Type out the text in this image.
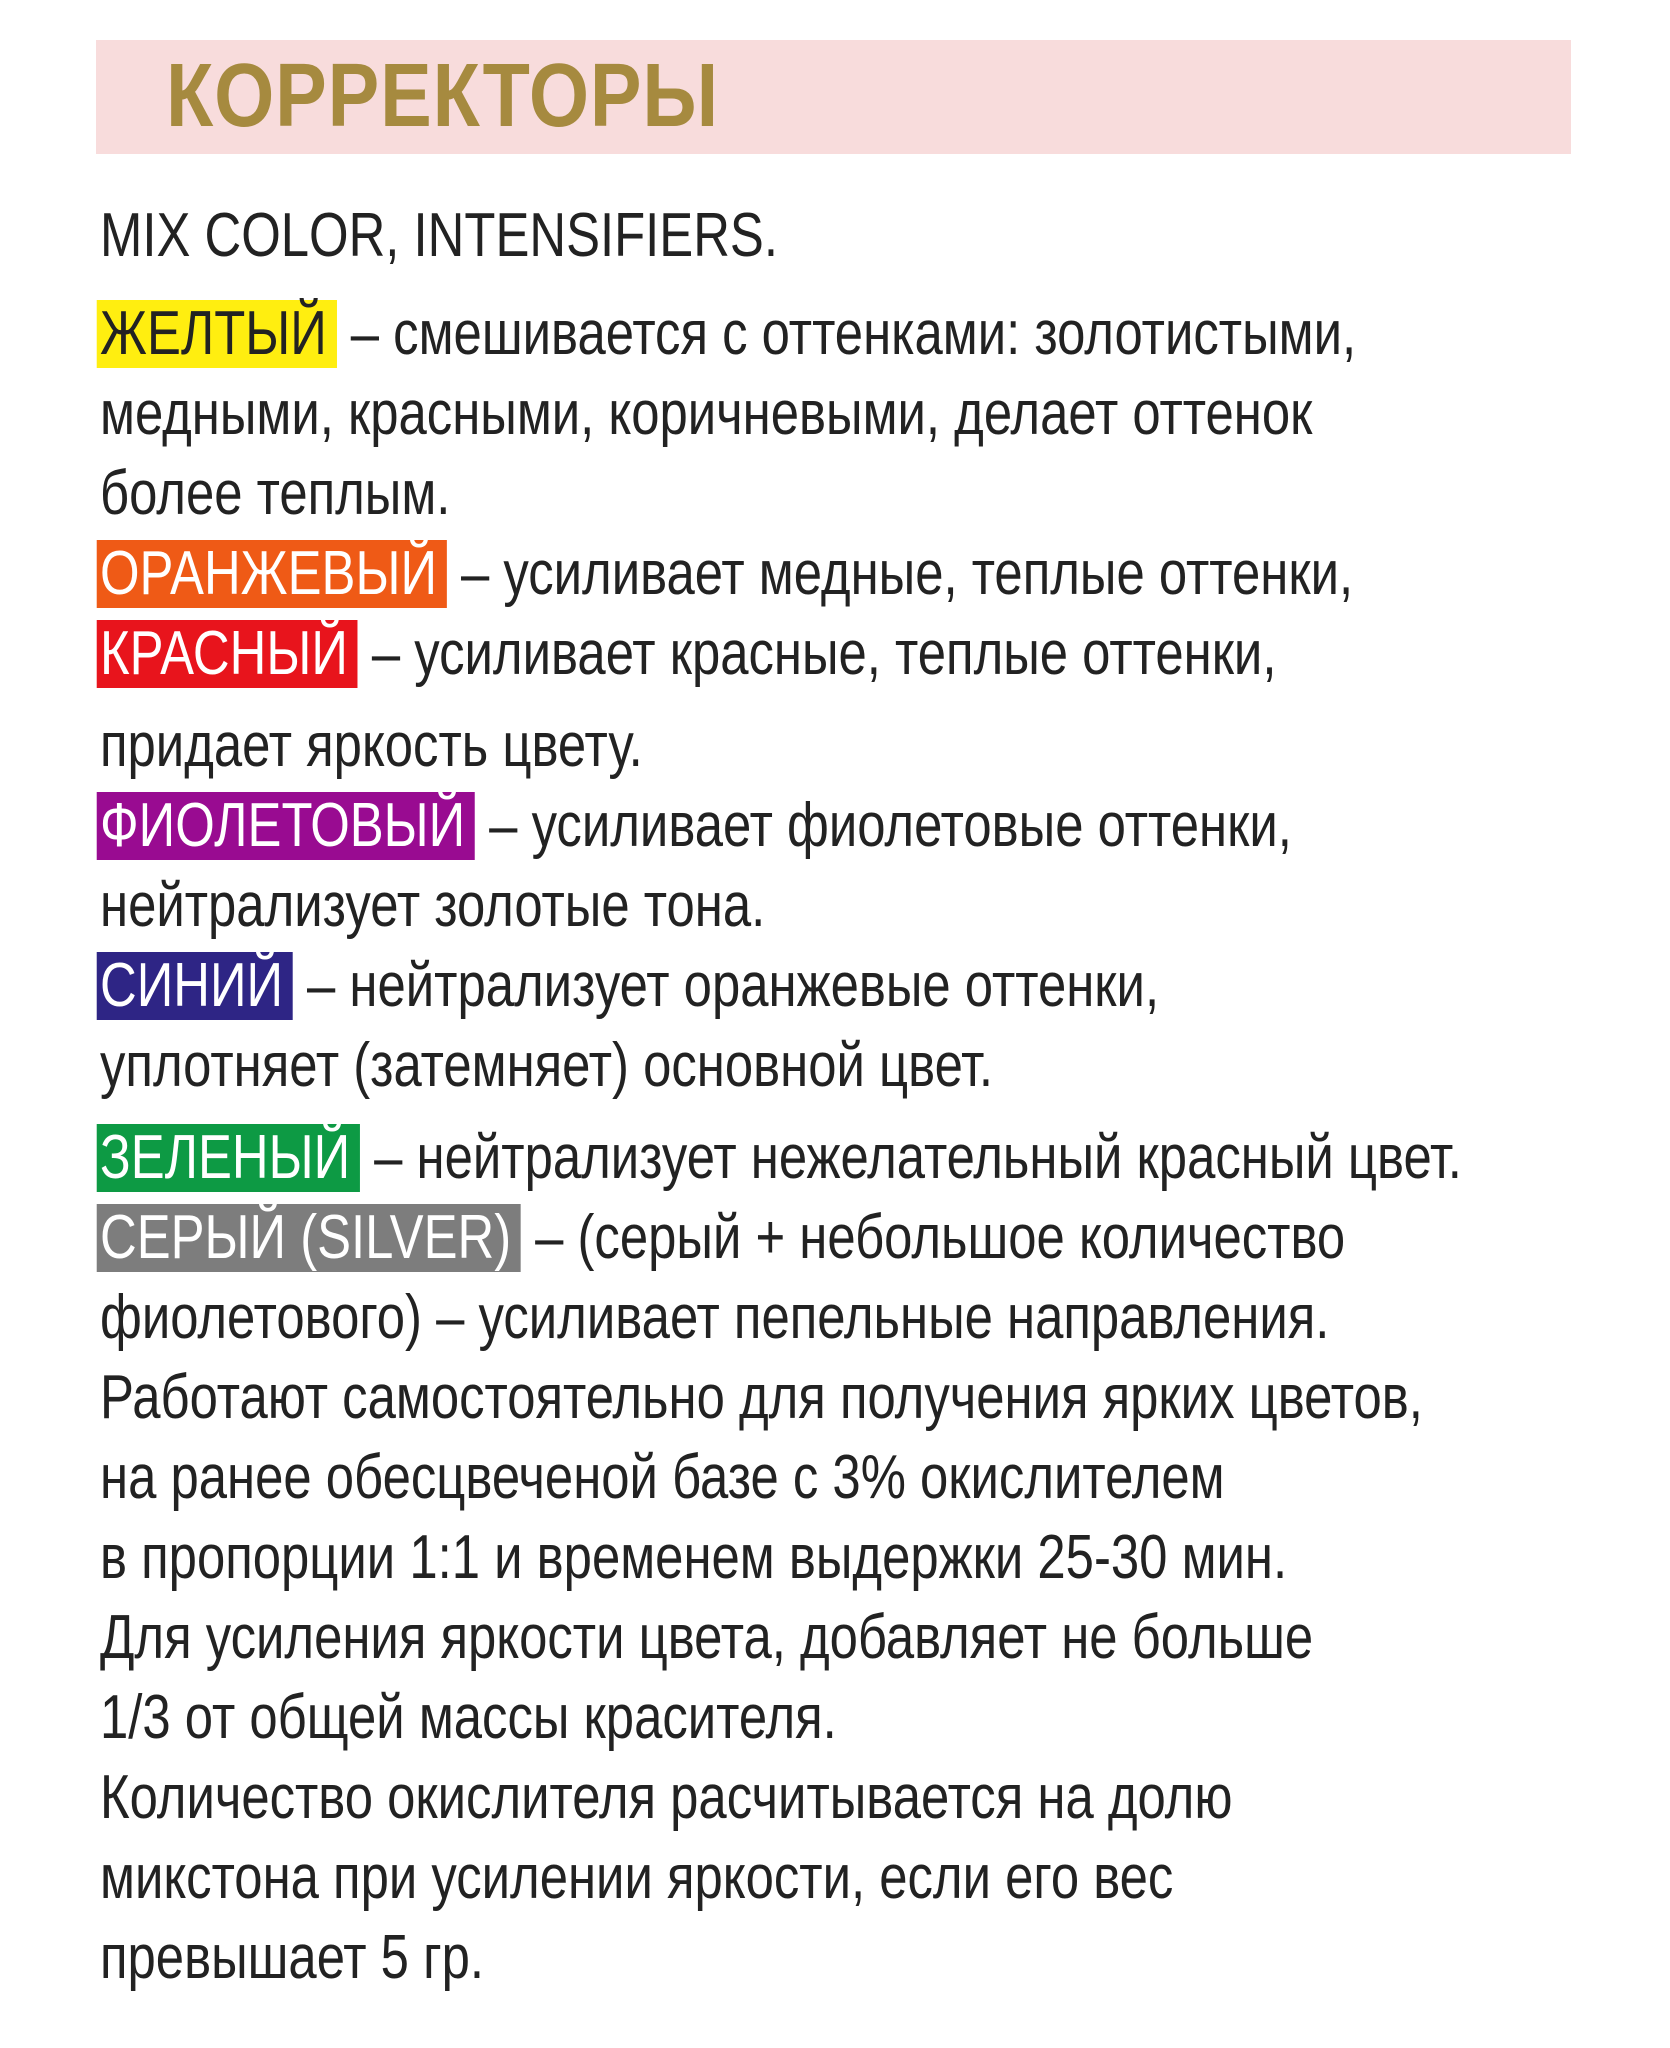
КОРРЕКТОРЫ
MIX COLOR, INTENSIFIERS.
ЖЕЛТЫЙ – смешивается с оттенками: золотистыми,
медными, красными, коричневыми, делает оттенок
более теплым.
ОРАНЖЕВЫЙ – усиливает медные, теплые оттенки,
КРАСНЫЙ – усиливает красные, теплые оттенки,
придает яркость цвету.
ФИОЛЕТОВЫЙ – усиливает фиолетовые оттенки,
нейтрализует золотые тона.
СИНИЙ – нейтрализует оранжевые оттенки,
уплотняет (затемняет) основной цвет.
ЗЕЛЕНЫЙ – нейтрализует нежелательный красный цвет.
СЕРЫЙ (SILVER) – (серый + небольшое количество
фиолетового) – усиливает пепельные направления.
Работают самостоятельно для получения ярких цветов,
на ранее обесцвеченой базе с 3% окислителем
в пропорции 1:1 и временем выдержки 25-30 мин.
Для усиления яркости цвета, добавляет не больше
1/3 от общей массы красителя.
Количество окислителя расчитывается на долю
микстона при усилении яркости, если его вес
превышает 5 гр.
